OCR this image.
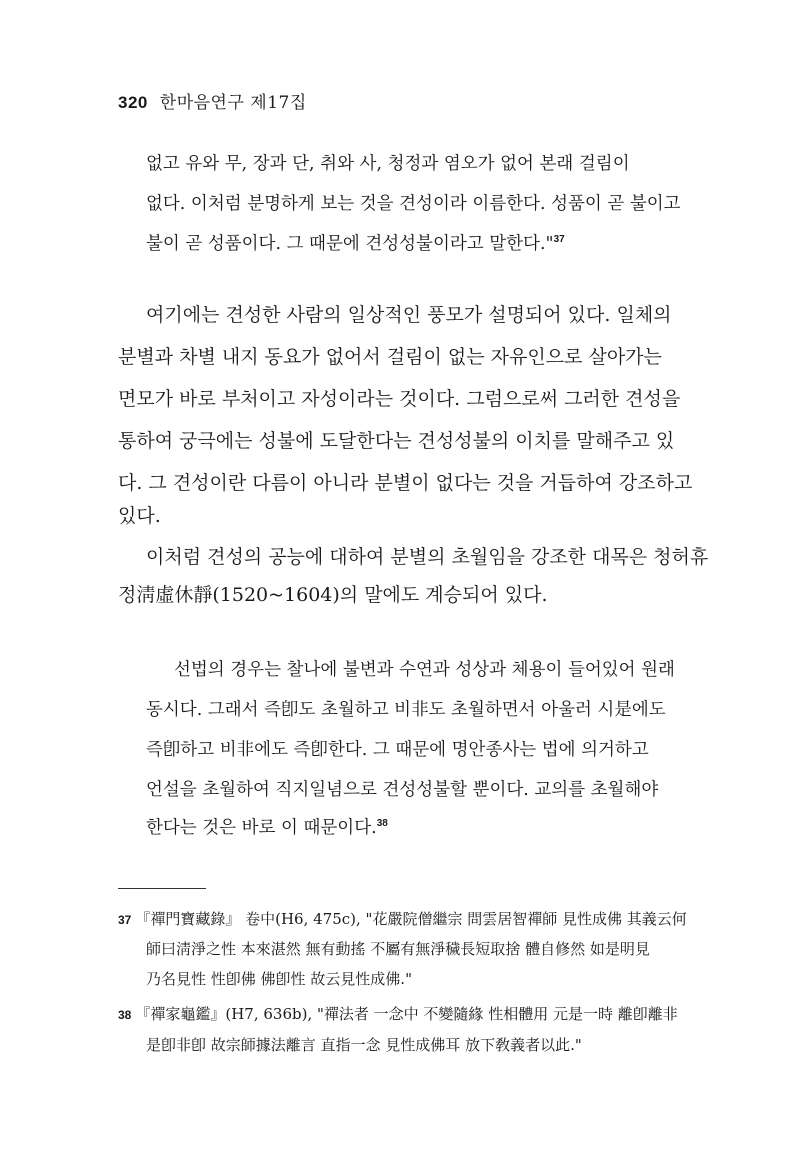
320 한마음연구 제17집
없고 유와 무, 장과 단, 취와 사, 청정과 염오가 없어 본래 걸림이
없다. 이처럼 분명하게 보는 것을 견성이라 이름한다. 성품이 곧 불이고
불이 곧 성품이다. 그 때문에 견성성불이라고 말한다."$^{37}$
여기에는 견성한 사람의 일상적인 풍모가 설명되어 있다. 일체의
분별과 차별 내지 동요가 없어서 걸림이 없는 자유인으로 살아가는
면모가 바로 부처이고 자성이라는 것이다. 그럼으로써 그러한 견성을
통하여 궁극에는 성불에 도달한다는 견성성불의 이치를 말해주고 있
다. 그 견성이란 다름이 아니라 분별이 없다는 것을 거듭하여 강조하고
있다.
이처럼 견성의 공능에 대하여 분별의 초월임을 강조한 대목은 청허휴
정淸虛休靜(1520~1604)의 말에도 계승되어 있다.
선법의 경우는 찰나에 불변과 수연과 성상과 체용이 들어있어 원래
동시다. 그래서 즉卽도 초월하고 비非도 초월하면서 아울러 시是에도
즉卽하고 비非에도 즉卽한다. 그 때문에 명안종사는 법에 의거하고
언설을 초월하여 직지일념으로 견성성불할 뿐이다. 교의를 초월해야
한다는 것은 바로 이 때문이다.$^{38}$
37 『禪門寶藏錄』 卷中(H6, 475c), "花嚴院僧繼宗 問雲居智禪師 見性成佛 其義云何
師曰淸淨之性 本來湛然 無有動搖 不屬有無淨穢長短取捨 體自修然 如是明見
乃名見性 性卽佛 佛卽性 故云見性成佛."
38 『禪家龜鑑』(H7, 636b), "禪法者 一念中 不變隨緣 性相體用 元是一時 離卽離非
是卽非卽 故宗師據法離言 直指一念 見性成佛耳 放下敎義者以此."
